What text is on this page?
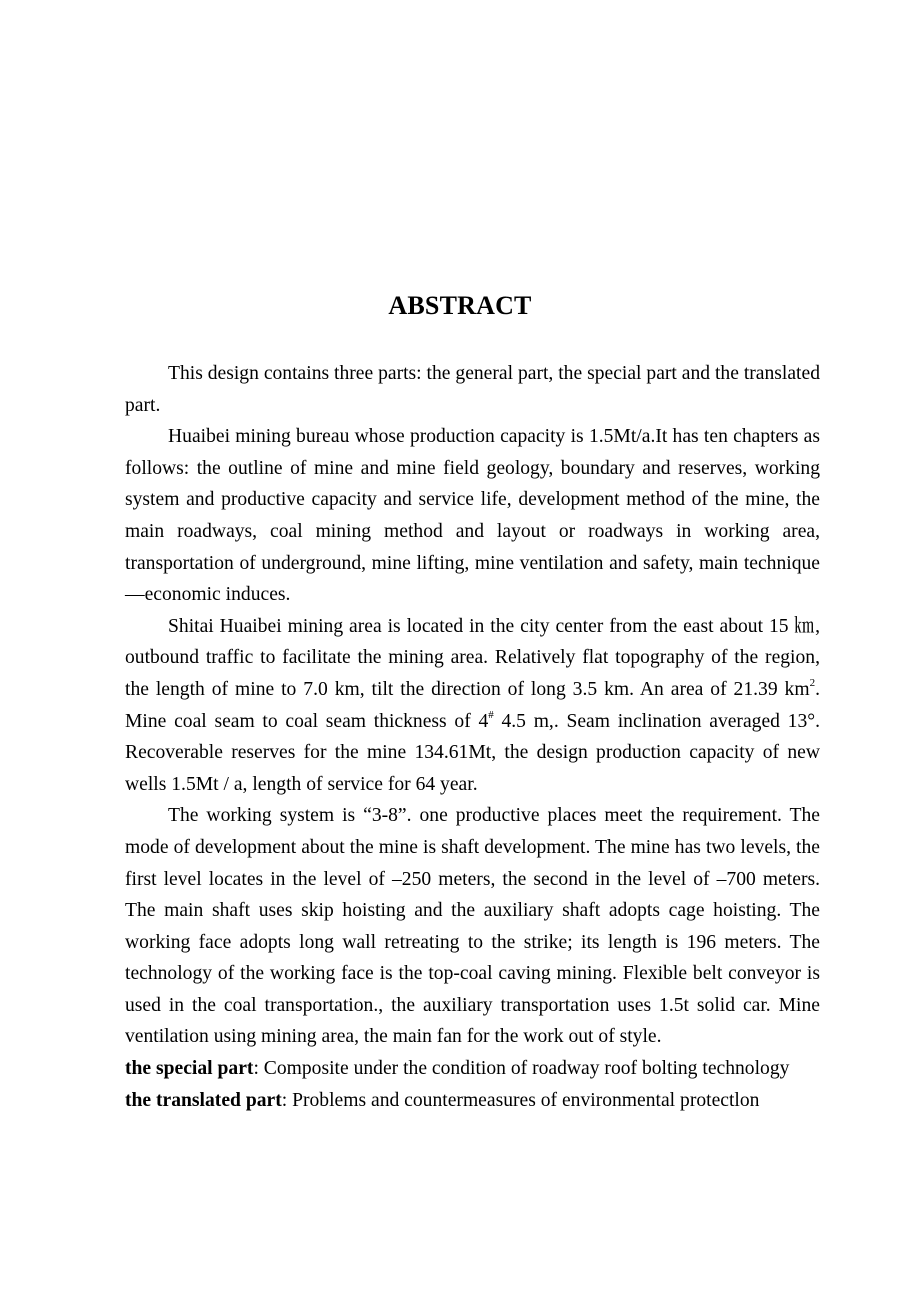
ABSTRACT

This design contains three parts: the general part, the special part and the translated part.

Huaibei mining bureau whose production capacity is 1.5Mt/a.It has ten chapters as follows: the outline of mine and mine field geology, boundary and reserves, working system and productive capacity and service life, development method of the mine, the main roadways, coal mining method and layout or roadways in working area, transportation of underground, mine lifting, mine ventilation and safety, main technique—economic induces.

Shitai Huaibei mining area is located in the city center from the east about 15 ㎞, outbound traffic to facilitate the mining area. Relatively flat topography of the region, the length of mine to 7.0 km, tilt the direction of long 3.5 km. An area of 21.39 $km^2$. Mine coal seam to coal seam thickness of 4# 4.5 m,. Seam inclination averaged 13°. Recoverable reserves for the mine 134.61Mt, the design production capacity of new wells 1.5Mt / a, length of service for 64 year.

The working system is “3-8”. one productive places meet the requirement. The mode of development about the mine is shaft development. The mine has two levels, the first level locates in the level of –250 meters, the second in the level of –700 meters. The main shaft uses skip hoisting and the auxiliary shaft adopts cage hoisting. The working face adopts long wall retreating to the strike; its length is 196 meters. The technology of the working face is the top-coal caving mining. Flexible belt conveyor is used in the coal transportation., the auxiliary transportation uses 1.5t solid car. Mine ventilation using mining area, the main fan for the work out of style.

the special part: Composite under the condition of roadway roof bolting technology

the translated part: Problems and countermeasures of environmental protectlon
